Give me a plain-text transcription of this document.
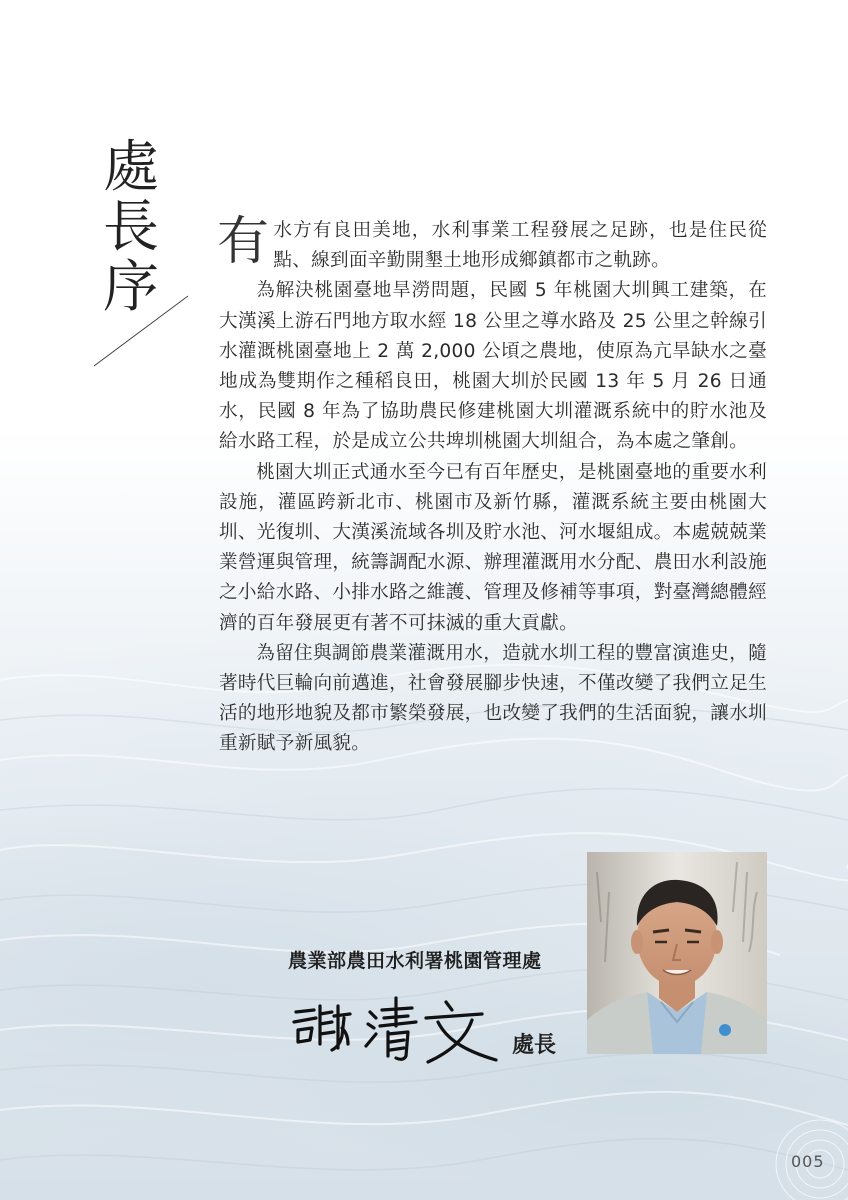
處
長
序

有水方有良田美地，水利事業工程發展之足跡，也是住民從點、線到面辛勤開墾土地形成鄉鎮都市之軌跡。

為解決桃園臺地旱澇問題，民國 5 年桃園大圳興工建築，在大漢溪上游石門地方取水經 18 公里之導水路及 25 公里之幹線引水灌溉桃園臺地上 2 萬 2,000 公頃之農地，使原為亢旱缺水之臺地成為雙期作之種稻良田，桃園大圳於民國 13 年 5 月 26 日通水，民國 8 年為了協助農民修建桃園大圳灌溉系統中的貯水池及給水路工程，於是成立公共埤圳桃園大圳組合，為本處之肇創。

桃園大圳正式通水至今已有百年歷史，是桃園臺地的重要水利設施，灌區跨新北市、桃園市及新竹縣，灌溉系統主要由桃園大圳、光復圳、大漢溪流域各圳及貯水池、河水堰組成。本處兢兢業業營運與管理，統籌調配水源、辦理灌溉用水分配、農田水利設施之小給水路、小排水路之維護、管理及修補等事項，對臺灣總體經濟的百年發展更有著不可抹滅的重大貢獻。

為留住與調節農業灌溉用水，造就水圳工程的豐富演進史，隨著時代巨輪向前邁進，社會發展腳步快速，不僅改變了我們立足生活的地形地貌及都市繁榮發展，也改變了我們的生活面貌，讓水圳重新賦予新風貌。

農業部農田水利署桃園管理處
處長
005
